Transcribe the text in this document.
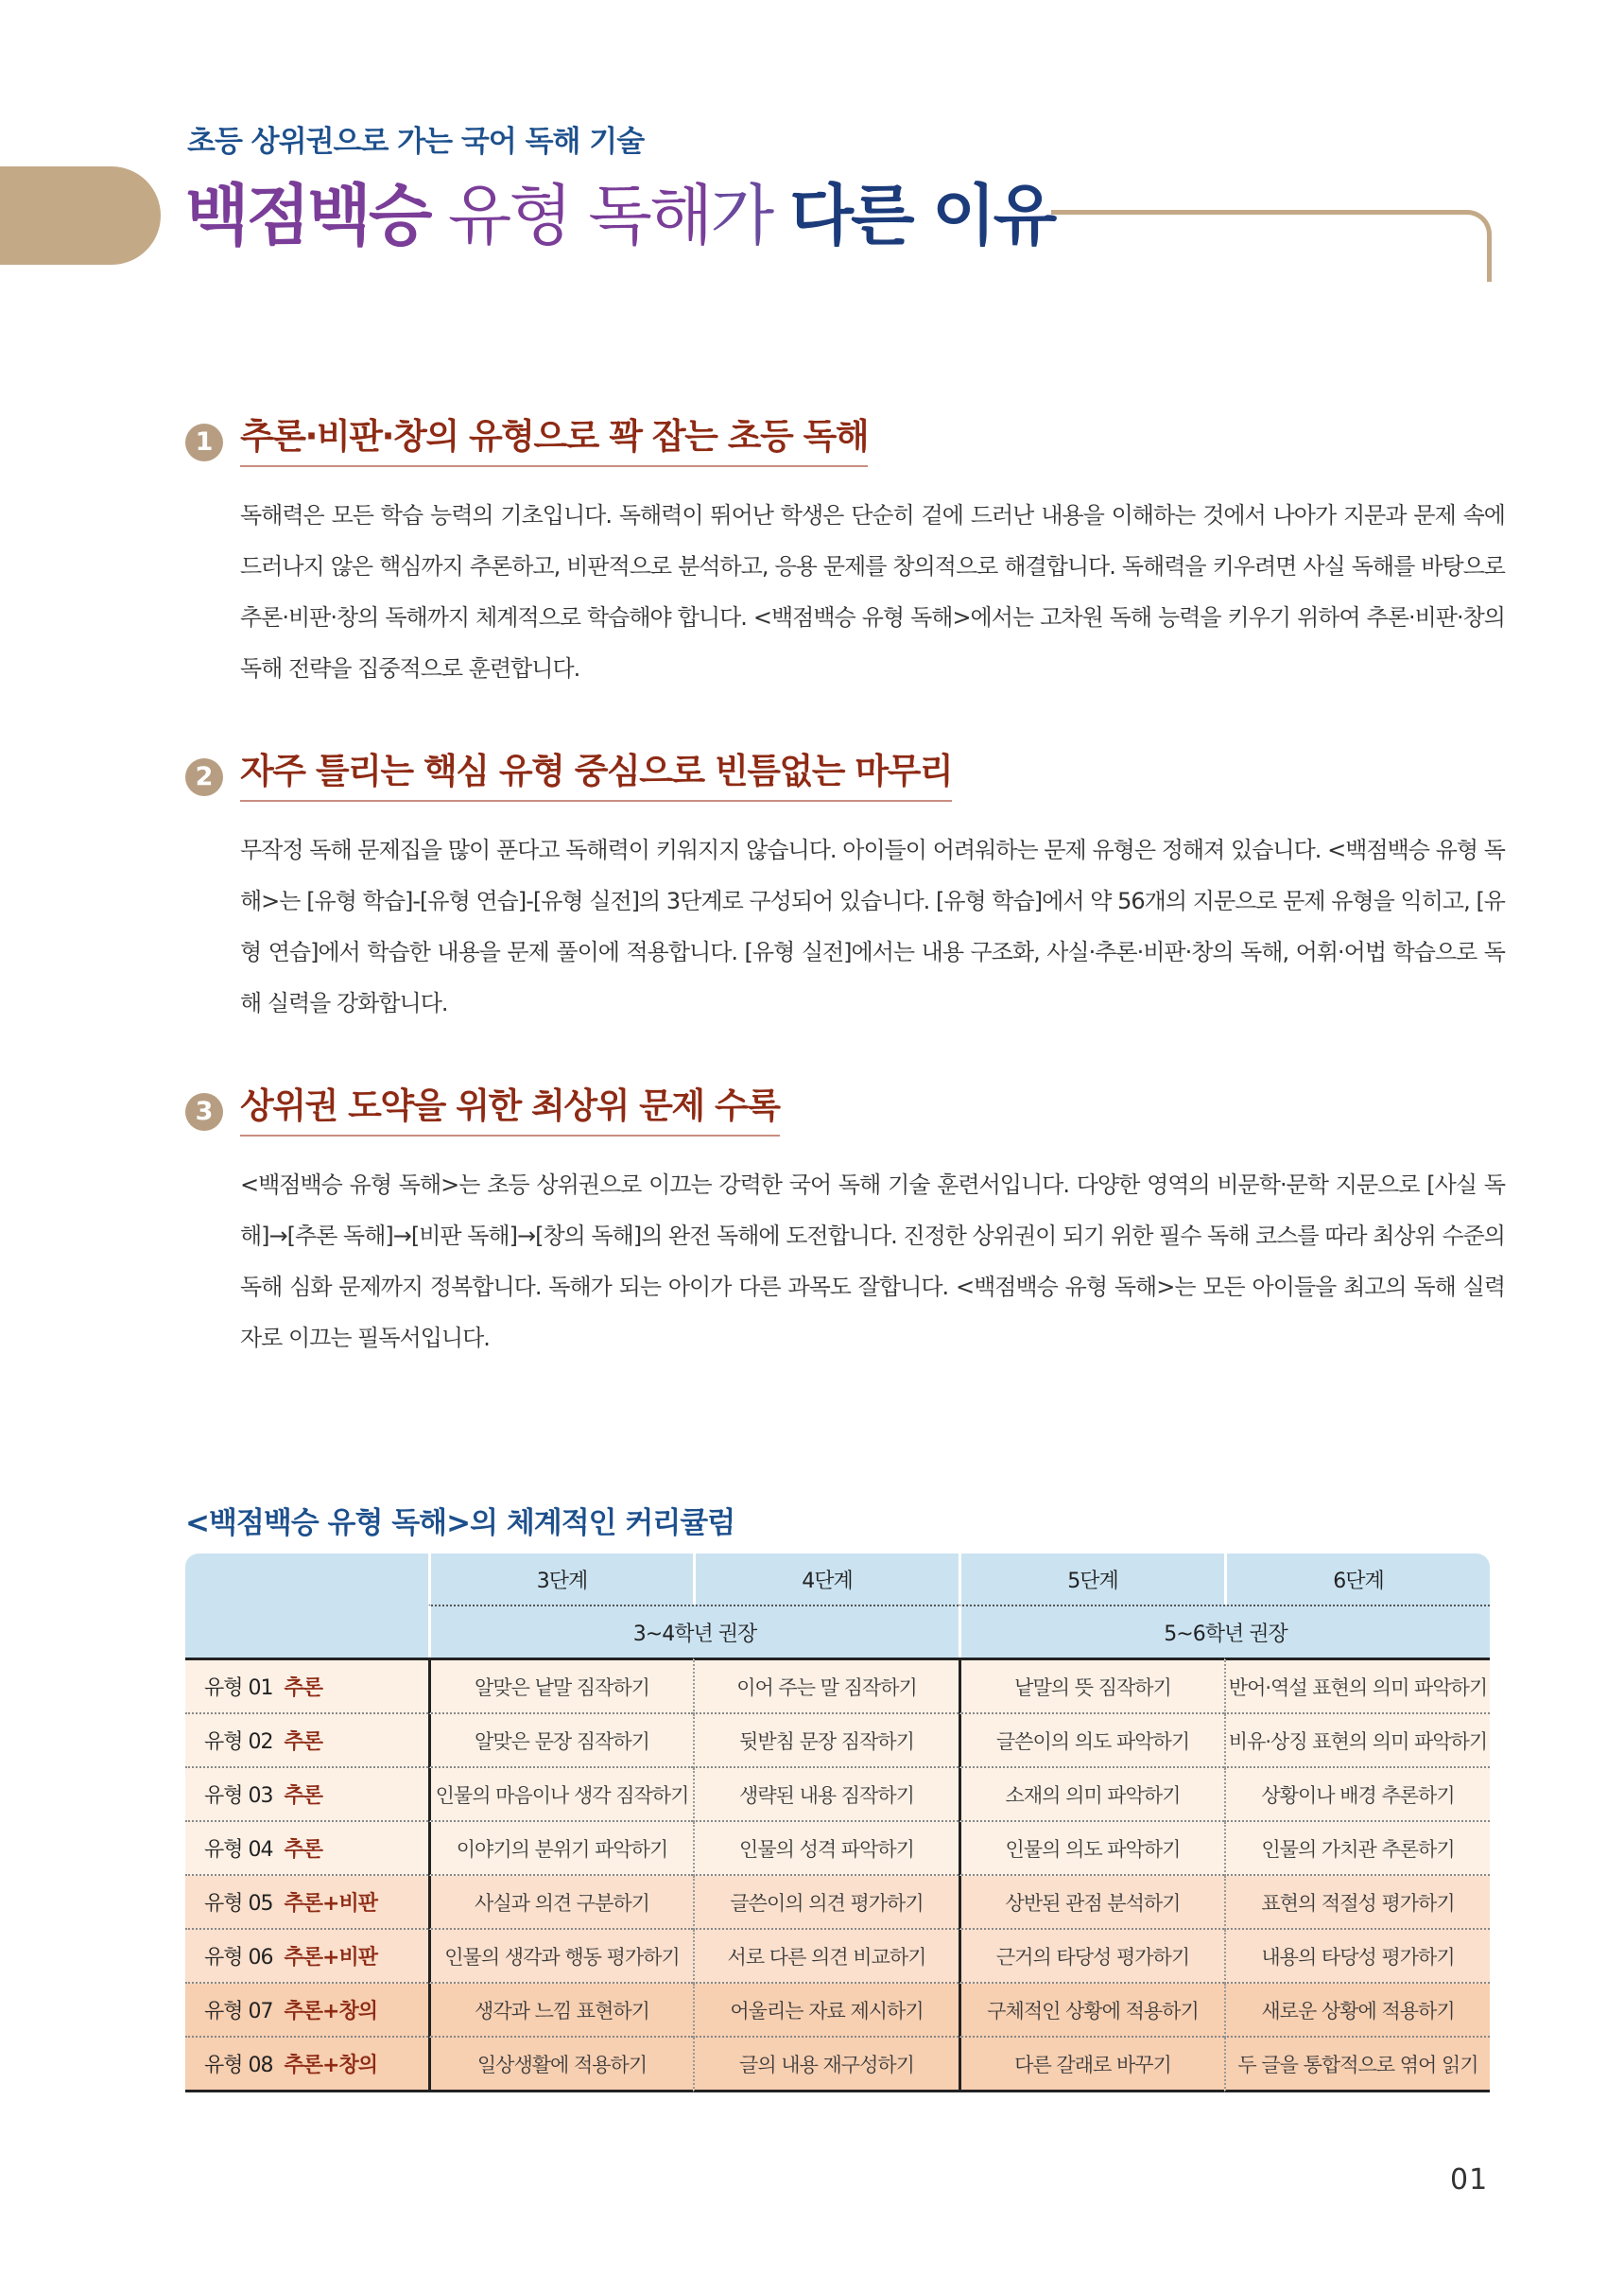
초등 상위권으로 가는 국어 독해 기술
백점백승 유형 독해가 다른 이유
1 추론·비판·창의 유형으로 꽉 잡는 초등 독해
독해력은 모든 학습 능력의 기초입니다. 독해력이 뛰어난 학생은 단순히 겉에 드러난 내용을 이해하는 것에서 나아가 지문과 문제 속에 드러나지 않은 핵심까지 추론하고, 비판적으로 분석하고, 응용 문제를 창의적으로 해결합니다. 독해력을 키우려면 사실 독해를 바탕으로 추론·비판·창의 독해까지 체계적으로 학습해야 합니다. <백점백승 유형 독해>에서는 고차원 독해 능력을 키우기 위하여 추론·비판·창의 독해 전략을 집중적으로 훈련합니다.
2 자주 틀리는 핵심 유형 중심으로 빈틈없는 마무리
무작정 독해 문제집을 많이 푼다고 독해력이 키워지지 않습니다. 아이들이 어려워하는 문제 유형은 정해져 있습니다. <백점백승 유형 독해>는 [유형 학습]-[유형 연습]-[유형 실전]의 3단계로 구성되어 있습니다. [유형 학습]에서 약 56개의 지문으로 문제 유형을 익히고, [유형 연습]에서 학습한 내용을 문제 풀이에 적용합니다. [유형 실전]에서는 내용 구조화, 사실·추론·비판·창의 독해, 어휘·어법 학습으로 독해 실력을 강화합니다.
3 상위권 도약을 위한 최상위 문제 수록
<백점백승 유형 독해>는 초등 상위권으로 이끄는 강력한 국어 독해 기술 훈련서입니다. 다양한 영역의 비문학·문학 지문으로 [사실 독해]→[추론 독해]→[비판 독해]→[창의 독해]의 완전 독해에 도전합니다. 진정한 상위권이 되기 위한 필수 독해 코스를 따라 최상위 수준의 독해 심화 문제까지 정복합니다. 독해가 되는 아이가 다른 과목도 잘합니다. <백점백승 유형 독해>는 모든 아이들을 최고의 독해 실력자로 이끄는 필독서입니다.
<백점백승 유형 독해>의 체계적인 커리큘럼
	3단계	4단계	5단계	6단계
	3~4학년 권장		5~6학년 권장	
유형 01 추론	알맞은 낱말 짐작하기	이어 주는 말 짐작하기	낱말의 뜻 짐작하기	반어·역설 표현의 의미 파악하기
유형 02 추론	알맞은 문장 짐작하기	뒷받침 문장 짐작하기	글쓴이의 의도 파악하기	비유·상징 표현의 의미 파악하기
유형 03 추론	인물의 마음이나 생각 짐작하기	생략된 내용 짐작하기	소재의 의미 파악하기	상황이나 배경 추론하기
유형 04 추론	이야기의 분위기 파악하기	인물의 성격 파악하기	인물의 의도 파악하기	인물의 가치관 추론하기
유형 05 추론+비판	사실과 의견 구분하기	글쓴이의 의견 평가하기	상반된 관점 분석하기	표현의 적절성 평가하기
유형 06 추론+비판	인물의 생각과 행동 평가하기	서로 다른 의견 비교하기	근거의 타당성 평가하기	내용의 타당성 평가하기
유형 07 추론+창의	생각과 느낌 표현하기	어울리는 자료 제시하기	구체적인 상황에 적용하기	새로운 상황에 적용하기
유형 08 추론+창의	일상생활에 적용하기	글의 내용 재구성하기	다른 갈래로 바꾸기	두 글을 통합적으로 엮어 읽기
01
